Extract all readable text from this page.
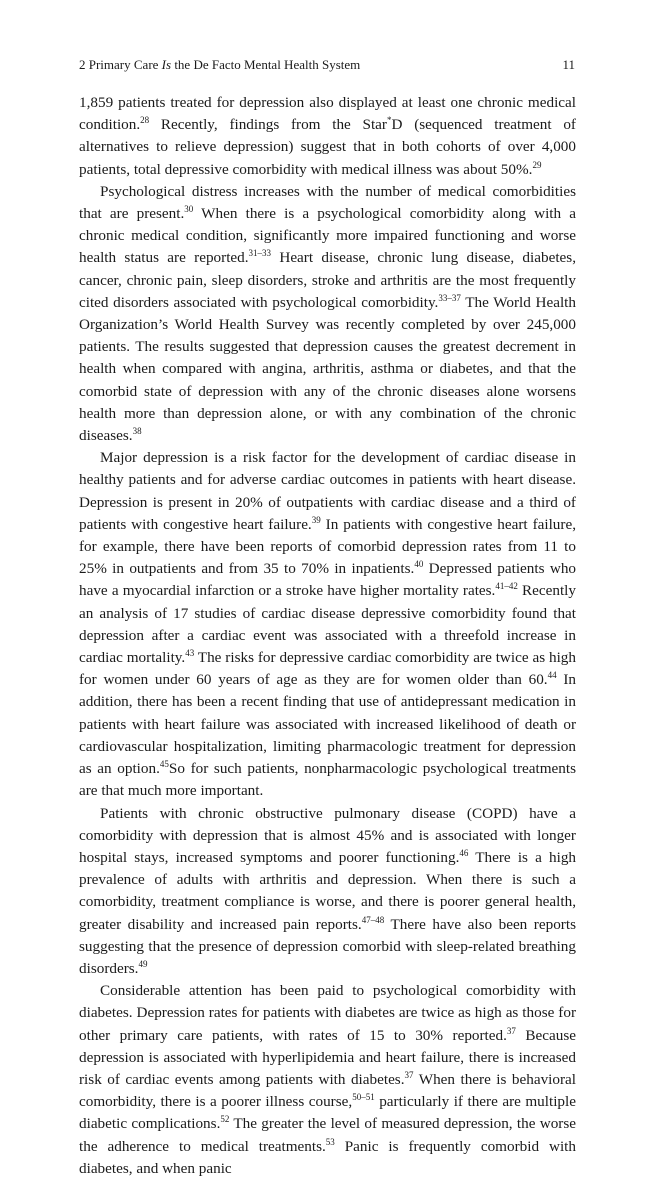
2 Primary Care Is the De Facto Mental Health System	11

1,859 patients treated for depression also displayed at least one chronic medical condition.$^{28}$ Recently, findings from the Star*D (sequenced treatment of alternatives to relieve depression) suggest that in both cohorts of over 4,000 patients, total depressive comorbidity with medical illness was about 50%.$^{29}$

Psychological distress increases with the number of medical comorbidities that are present.$^{30}$ When there is a psychological comorbidity along with a chronic medical condition, significantly more impaired functioning and worse health status are reported.$^{31-33}$ Heart disease, chronic lung disease, diabetes, cancer, chronic pain, sleep disorders, stroke and arthritis are the most frequently cited disorders associated with psychological comorbidity.$^{33-37}$ The World Health Organization’s World Health Survey was recently completed by over 245,000 patients. The results suggested that depression causes the greatest decrement in health when compared with angina, arthritis, asthma or diabetes, and that the comorbid state of depression with any of the chronic diseases alone worsens health more than depression alone, or with any combination of the chronic diseases.$^{38}$

Major depression is a risk factor for the development of cardiac disease in healthy patients and for adverse cardiac outcomes in patients with heart disease. Depression is present in 20% of outpatients with cardiac disease and a third of patients with congestive heart failure.$^{39}$ In patients with congestive heart failure, for example, there have been reports of comorbid depression rates from 11 to 25% in outpatients and from 35 to 70% in inpatients.$^{40}$ Depressed patients who have a myocardial infarction or a stroke have higher mortality rates.$^{41-42}$ Recently an analysis of 17 studies of cardiac disease depressive comorbidity found that depression after a cardiac event was associated with a threefold increase in cardiac mortality.$^{43}$ The risks for depressive cardiac comorbidity are twice as high for women under 60 years of age as they are for women older than 60.44 In addition, there has been a recent finding that use of antidepressant medication in patients with heart failure was associated with increased likelihood of death or cardiovascular hospitalization, limiting pharmacologic treatment for depression as an option.$^{45}$So for such patients, nonpharmacologic psychological treatments are that much more important.

Patients with chronic obstructive pulmonary disease (COPD) have a comorbidity with depression that is almost 45% and is associated with longer hospital stays, increased symptoms and poorer functioning.$^{46}$ There is a high prevalence of adults with arthritis and depression. When there is such a comorbidity, treatment compliance is worse, and there is poorer general health, greater disability and increased pain reports.$^{47-48}$ There have also been reports suggesting that the presence of depression comorbid with sleep-related breathing disorders.$^{49}$

Considerable attention has been paid to psychological comorbidity with diabetes. Depression rates for patients with diabetes are twice as high as those for other primary care patients, with rates of 15 to 30% reported.$^{37}$ Because depression is associated with hyperlipidemia and heart failure, there is increased risk of cardiac events among patients with diabetes.$^{37}$ When there is behavioral comorbidity, there is a poorer illness course,$^{50-51}$ particularly if there are multiple diabetic complications.$^{52}$ The greater the level of measured depression, the worse the adherence to medical treatments.$^{53}$ Panic is frequently comorbid with diabetes, and when panic
